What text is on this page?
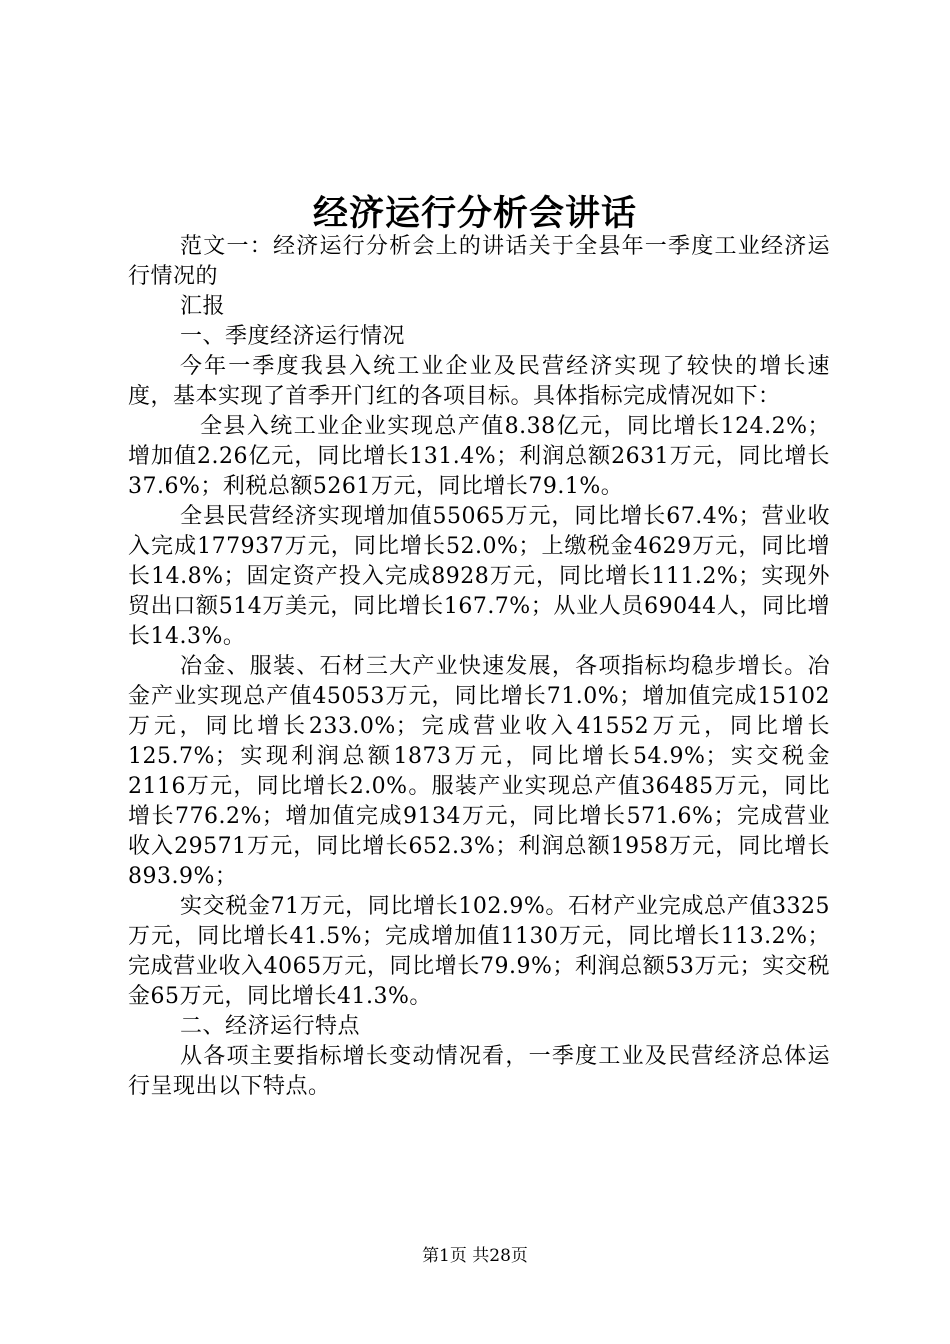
经济运行分析会讲话

范文一：经济运行分析会上的讲话关于全县年一季度工业经济运行情况的

汇报

一、季度经济运行情况

今年一季度我县入统工业企业及民营经济实现了较快的增长速度，基本实现了首季开门红的各项目标。具体指标完成情况如下：

全县入统工业企业实现总产值8.38亿元，同比增长124.2%；增加值2.26亿元，同比增长131.4%；利润总额2631万元，同比增长37.6%；利税总额5261万元，同比增长79.1%。

全县民营经济实现增加值55065万元，同比增长67.4%；营业收入完成177937万元，同比增长52.0%；上缴税金4629万元，同比增长14.8%；固定资产投入完成8928万元，同比增长111.2%；实现外贸出口额514万美元，同比增长167.7%；从业人员69044人，同比增长14.3%。

冶金、服装、石材三大产业快速发展，各项指标均稳步增长。冶金产业实现总产值45053万元，同比增长71.0%；增加值完成15102万元，同比增长233.0%；完成营业收入41552万元，同比增长125.7%；实现利润总额1873万元，同比增长54.9%；实交税金2116万元，同比增长2.0%。服装产业实现总产值36485万元，同比增长776.2%；增加值完成9134万元，同比增长571.6%；完成营业收入29571万元，同比增长652.3%；利润总额1958万元，同比增长893.9%；

实交税金71万元，同比增长102.9%。石材产业完成总产值3325万元，同比增长41.5%；完成增加值1130万元，同比增长113.2%；完成营业收入4065万元，同比增长79.9%；利润总额53万元；实交税金65万元，同比增长41.3%。

二、经济运行特点

从各项主要指标增长变动情况看，一季度工业及民营经济总体运行呈现出以下特点。

第1页 共28页
